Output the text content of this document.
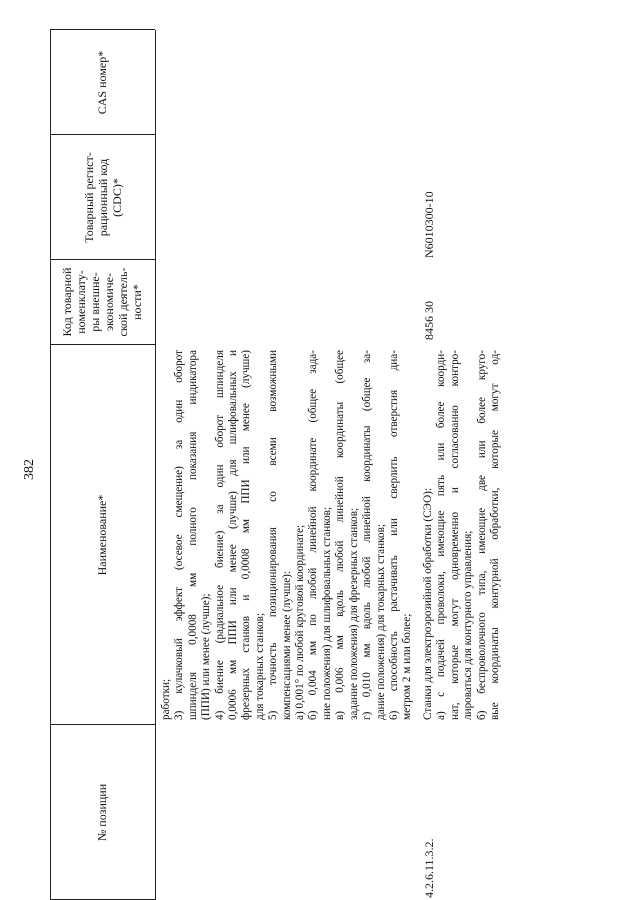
382
№ позиции
Наименование*
Код товарной номенклату- ры внешне- экономиче- ской деятель- ности*
Товарный регист- рационный код (CDC)*
CAS номер*
работки; 3) кулачковый эффект (осевое смещение) за один оборот шпинделя 0,0008 мм полного показания индикатора (ППИ) или менее (лучше); 4) биение (радиальное биение) за один оборот шпинделя 0,0006 мм ППИ или менее (лучше) для шлифовальных и фрезерных станков и 0,0008 мм ППИ или менее (лучше) для токарных станков; 5) точность позиционирования со всеми возможными компенсациями менее (лучше): а) 0,001° по любой круговой координате; б) 0,004 мм по любой линейной координате (общее зада- ние положения) для шлифовальных станков; в) 0,006 мм вдоль любой линейной координаты (общее задание положения) для фрезерных станков; г) 0,010 мм вдоль любой линейной координаты (общее за- дание положения) для токарных станков; 6) способность растачивать или сверлить отверстия диа- метром 2 м или более;
4.2.6.11.3.2.
Станки для электроэрозийной обработки (СЭО): а) с подачей проволоки, имеющие пять или более коорди- нат, которые могут одновременно и согласованно контро- лироваться для контурного управления; б) беспроволочного типа, имеющие две или более круго- вые координаты контурной обработки, которые могут од-
8456 30
N6010300-10
